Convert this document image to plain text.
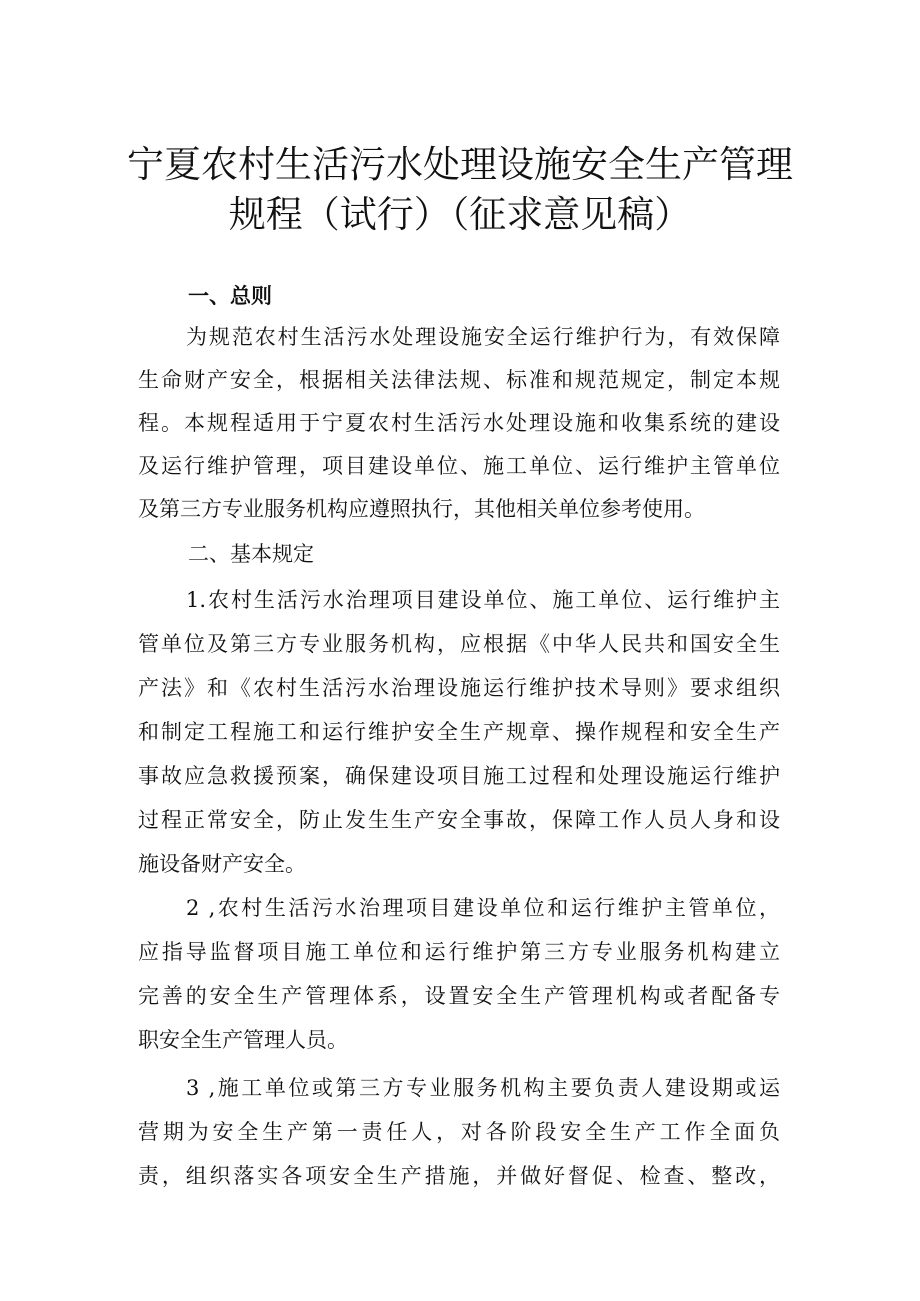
宁夏农村生活污水处理设施安全生产管理
规程（试行）（征求意见稿）
一、总则
为规范农村生活污水处理设施安全运行维护行为，有效保障
生命财产安全，根据相关法律法规、标准和规范规定，制定本规
程。本规程适用于宁夏农村生活污水处理设施和收集系统的建设
及运行维护管理，项目建设单位、施工单位、运行维护主管单位
及第三方专业服务机构应遵照执行，其他相关单位参考使用。
二、基本规定
1.农村生活污水治理项目建设单位、施工单位、运行维护主
管单位及第三方专业服务机构，应根据《中华人民共和国安全生
产法》和《农村生活污水治理设施运行维护技术导则》要求组织
和制定工程施工和运行维护安全生产规章、操作规程和安全生产
事故应急救援预案，确保建设项目施工过程和处理设施运行维护
过程正常安全，防止发生生产安全事故，保障工作人员人身和设
施设备财产安全。
2 ,农村生活污水治理项目建设单位和运行维护主管单位，
应指导监督项目施工单位和运行维护第三方专业服务机构建立
完善的安全生产管理体系，设置安全生产管理机构或者配备专
职安全生产管理人员。
3 ,施工单位或第三方专业服务机构主要负责人建设期或运
营期为安全生产第一责任人，对各阶段安全生产工作全面负
责，组织落实各项安全生产措施，并做好督促、检查、整改，
